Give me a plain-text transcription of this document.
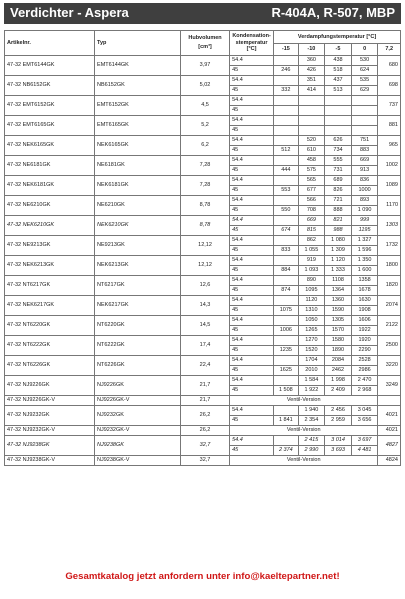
Verdichter - Aspera	R-404A, R-507, MBP
Artikelnr.	Typ	Hubvolumen [cm³]	Kondensation-stemperatur [°C]	Verdampfungstemperatur [°C]				
				-15	-10	-5	0	7,2
47-32 EMT6144GK	EMT6144GK	3,97	54.4		360	438	530	680
			45	246	426	518	624	
47-32 NB6152GK	NB6152GK	5,02	54.4		351	437	535	698
			45	332	414	513	629	
47-32 EMT6152GK	EMT6152GK	4,5	54.4					737
			45					
47-32 EMT6165GK	EMT6165GK	5,2	54.4					881
			45					
47-32 NEK6165GK	NEK6165GK	6,2	54.4		520	626	751	965
			45	512	610	734	883	
47-32 NE6181GK	NE6181GK	7,28	54.4		458	555	669	1002
			45	444	575	731	913	
47-32 NEK6181GK	NEK6181GK	7,28	54.4		565	689	836	1089
			45	553	677	826	1000	
47-32 NE6210GK	NE6210GK	8,78	54.4		566	721	893	1170
			45	550	708	888	1 090	
47-32 NEK6210GK	NEK6210GK	8,78	54.4		669	821	999	1303
			45	674	815	988	1195	
47-32 NE9213GK	NE9213GK	12,12	54.4		862	1 080	1 327	1732
			45	833	1 055	1 309	1 596	
47-32 NEK6213GK	NEK6213GK	12,12	54.4		919	1 120	1 350	1800
			45	884	1 093	1 333	1 600	
47-32 NT6217GK	NT6217GK	12,6	54.4		890	1108	1358	1820
			45	874	1095	1364	1678	
47-32 NEK6217GK	NEK6217GK	14,3	54.4		1120	1360	1630	2074
			45	1075	1310	1590	1908	
47-32 NT6220GK	NT6220GK	14,5	54.4		1050	1305	1606	2122
			45	1006	1265	1570	1922	
47-32 NT6222GK	NT6222GK	17,4	54.4		1270	1580	1920	2500
			45	1235	1520	1890	2290	
47-32 NT6226GK	NT6226GK	22,4	54.4		1704	2084	2528	3220
			45	1625	2010	2462	2986	
47-32 NJ9226GK	NJ9226GK	21,7	54.4		1 584	1 998	2 470	3249
			45	1 508	1 922	2 409	2 968	
47-32 NJ9226GK-V	NJ9226GK-V	21,7	Ventil-Version					
47-32 NJ9232GK	NJ9232GK	26,2	54.4		1 940	2 456	3 045	4021
			45	1 841	2 354	2 959	3 656	
47-32 NJ9232GK-V	NJ9232GK-V	26,2	Ventil-Version					4021
47-32 NJ9238GK	NJ9238GK	32,7	54.4		2 415	3 014	3 697	4827
			45	2 374	2 990	3 693	4 481	
47-32 NJ9238GK-V	NJ9238GK-V	32,7	Ventil-Version					4824
Gesamtkatalog jetzt anfordern unter info@kaeltepartner.net!
